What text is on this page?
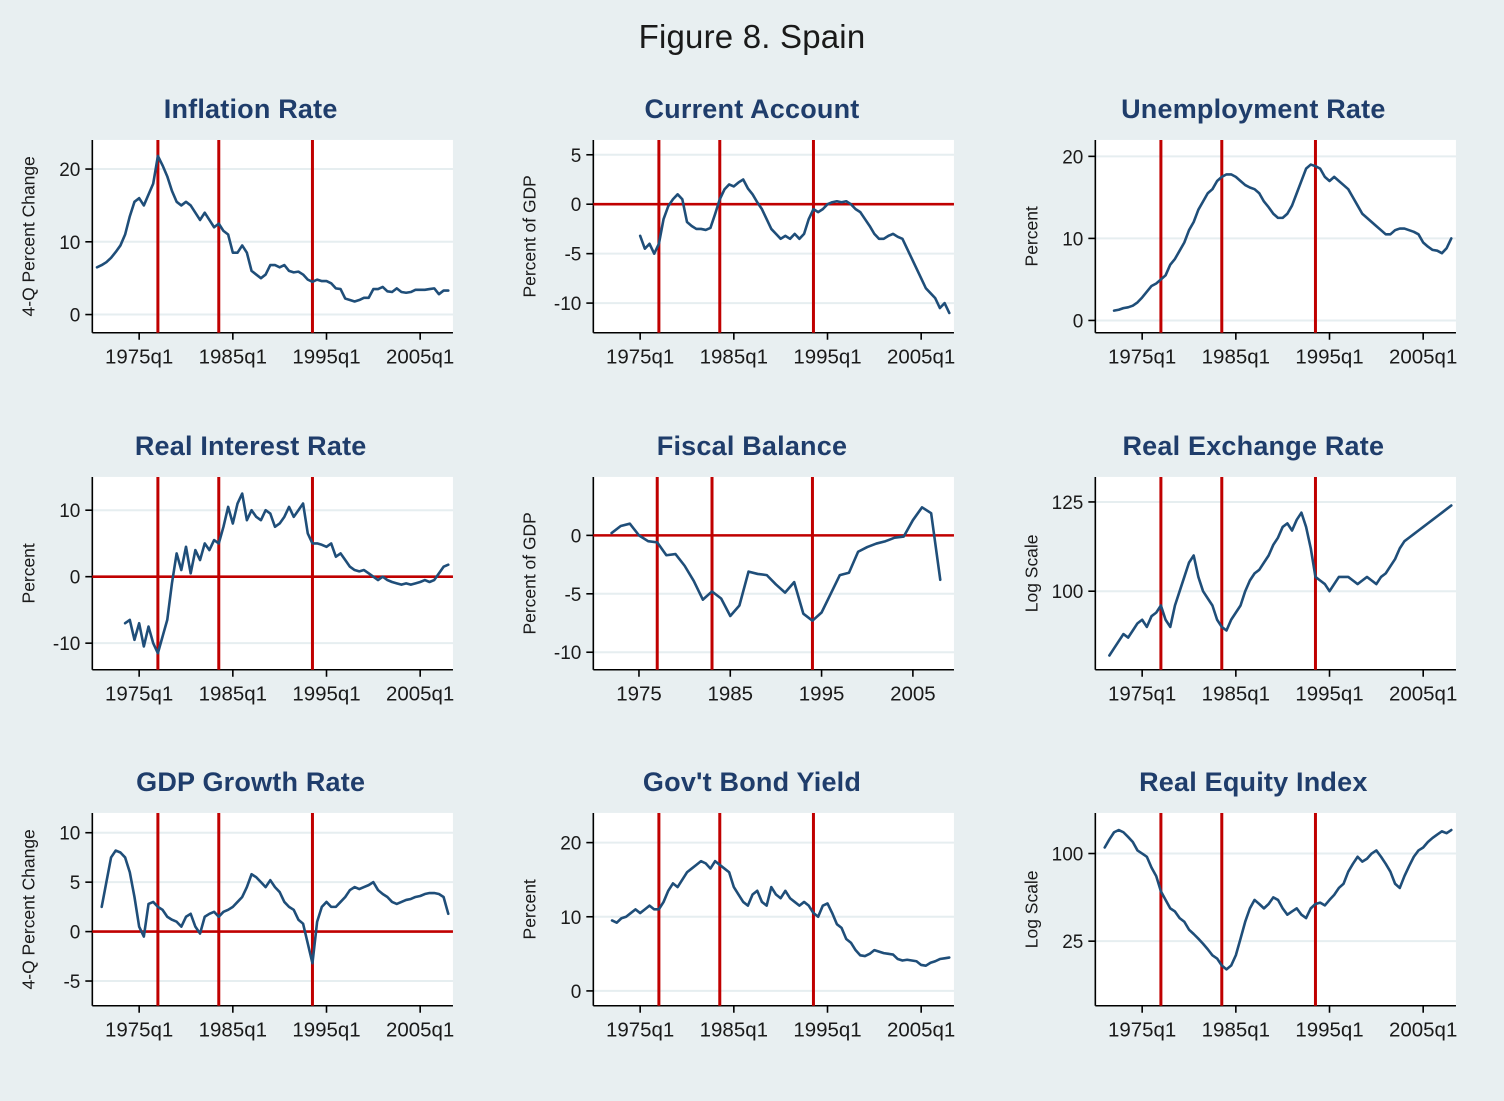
Figure 8. Spain
Inflation Rate
0
10
20
1975q1 1985q1 1995q1 2005q1
4-Q Percent Change
Current Account
-10
-5
0
5
1975q1 1985q1 1995q1 2005q1
Percent of GDP
Unemployment Rate
0
10
20
1975q1 1985q1 1995q1 2005q1
Percent
Real Interest Rate
-10
0
10
1975q1 1985q1 1995q1 2005q1
Percent
Fiscal Balance
-10
-5
0
1975 1985 1995 2005
Percent of GDP
Real Exchange Rate
100
125
1975q1 1985q1 1995q1 2005q1
Log Scale
GDP Growth Rate
-5
0
5
10
1975q1 1985q1 1995q1 2005q1
4-Q Percent Change
Gov't Bond Yield
0
10
20
1975q1 1985q1 1995q1 2005q1
Percent
Real Equity Index
25
100
1975q1 1985q1 1995q1 2005q1
Log Scale
